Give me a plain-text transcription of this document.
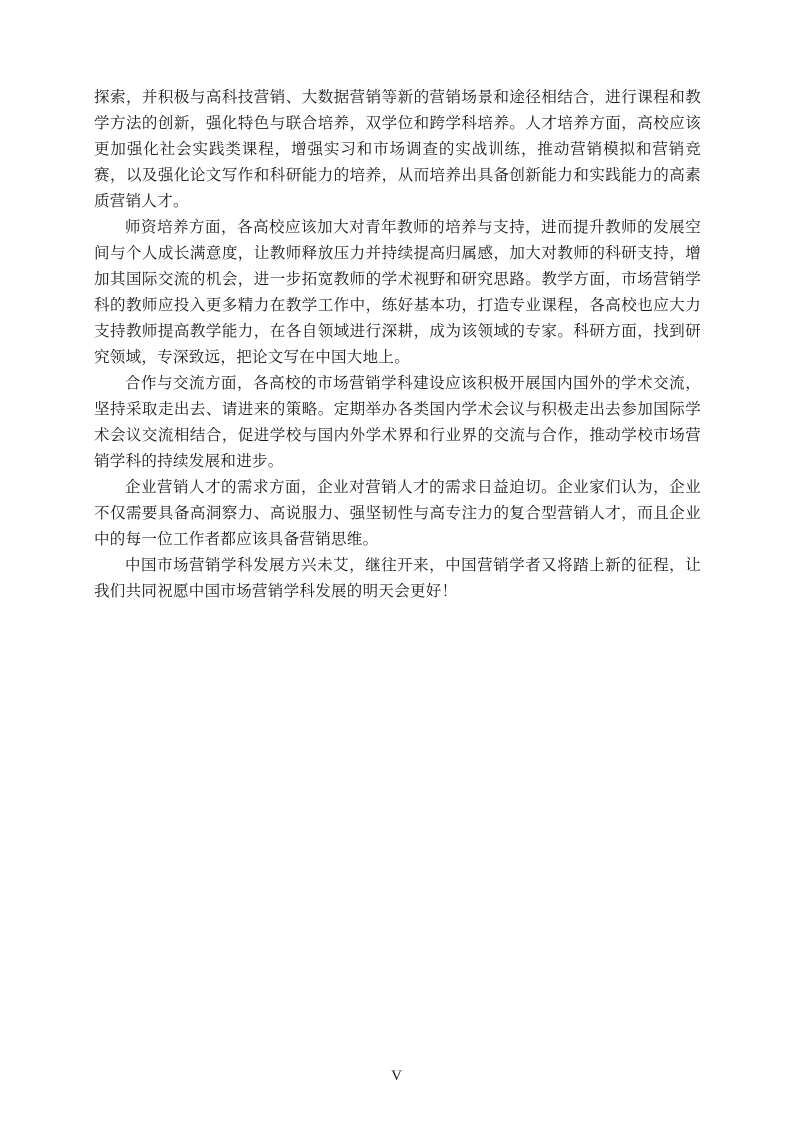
探索，并积极与高科技营销、大数据营销等新的营销场景和途径相结合，进行课程和教学方法的创新，强化特色与联合培养，双学位和跨学科培养。人才培养方面，高校应该更加强化社会实践类课程，增强实习和市场调查的实战训练，推动营销模拟和营销竞赛，以及强化论文写作和科研能力的培养，从而培养出具备创新能力和实践能力的高素质营销人才。

师资培养方面，各高校应该加大对青年教师的培养与支持，进而提升教师的发展空间与个人成长满意度，让教师释放压力并持续提高归属感，加大对教师的科研支持，增加其国际交流的机会，进一步拓宽教师的学术视野和研究思路。教学方面，市场营销学科的教师应投入更多精力在教学工作中，练好基本功，打造专业课程，各高校也应大力支持教师提高教学能力，在各自领域进行深耕，成为该领域的专家。科研方面，找到研究领域，专深致远，把论文写在中国大地上。

合作与交流方面，各高校的市场营销学科建设应该积极开展国内国外的学术交流，坚持采取走出去、请进来的策略。定期举办各类国内学术会议与积极走出去参加国际学术会议交流相结合，促进学校与国内外学术界和行业界的交流与合作，推动学校市场营销学科的持续发展和进步。

企业营销人才的需求方面，企业对营销人才的需求日益迫切。企业家们认为，企业不仅需要具备高洞察力、高说服力、强坚韧性与高专注力的复合型营销人才，而且企业中的每一位工作者都应该具备营销思维。

中国市场营销学科发展方兴未艾，继往开来，中国营销学者又将踏上新的征程，让我们共同祝愿中国市场营销学科发展的明天会更好！

V
